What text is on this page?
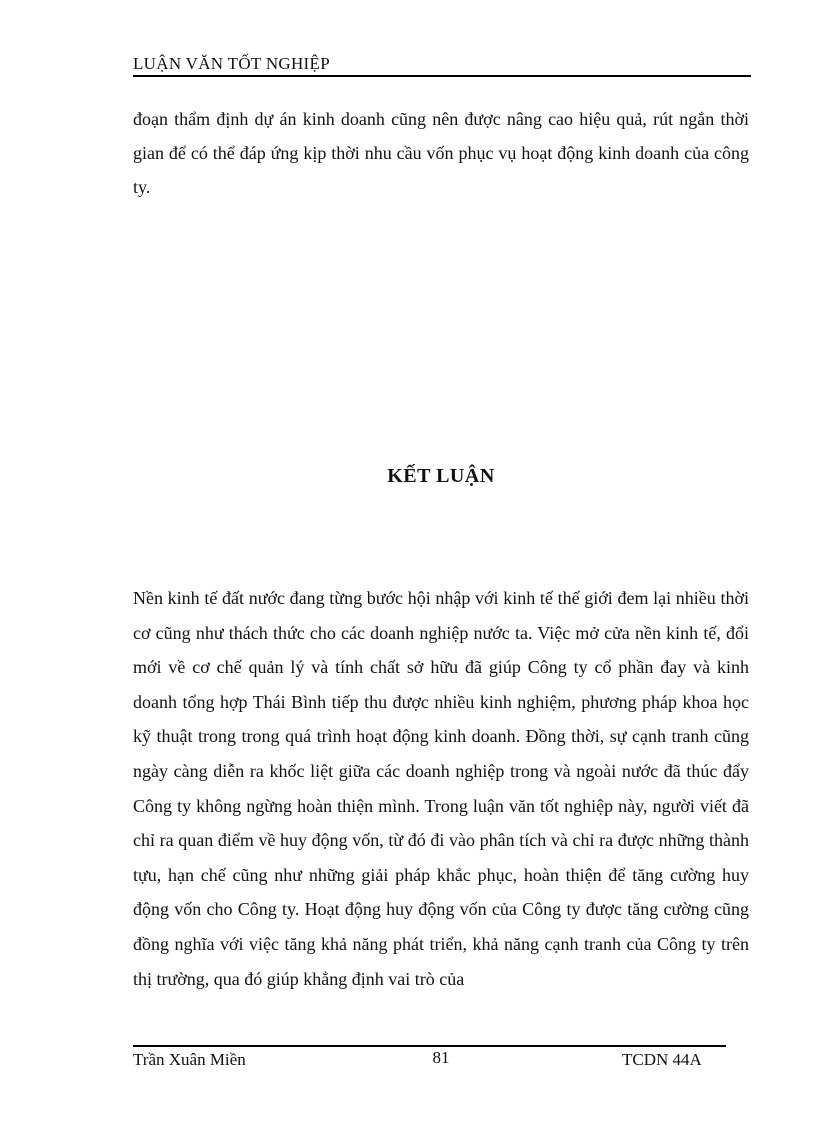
LUẬN VĂN TỐT NGHIỆP

đoạn thẩm định dự án kinh doanh cũng nên được nâng cao hiệu quả, rút ngắn thời gian để có thể đáp ứng kịp thời nhu cầu vốn phục vụ hoạt động kinh doanh của công ty.

KẾT LUẬN

Nền kinh tế đất nước đang từng bước hội nhập với kinh tế thế giới đem lại nhiều thời cơ cũng như thách thức cho các doanh nghiệp nước ta. Việc mở cửa nền kinh tế, đổi mới về cơ chế quản lý và tính chất sở hữu đã giúp Công ty cổ phần đay và kinh doanh tổng hợp Thái Bình tiếp thu được nhiều kinh nghiệm, phương pháp khoa học kỹ thuật trong trong quá trình hoạt động kinh doanh. Đồng thời, sự cạnh tranh cũng ngày càng diễn ra khốc liệt giữa các doanh nghiệp trong và ngoài nước đã thúc đẩy Công ty không ngừng hoàn thiện mình. Trong luận văn tốt nghiệp này, người viết đã chỉ ra quan điểm về huy động vốn, từ đó đi vào phân tích và chỉ ra được những thành tựu, hạn chế cũng như những giải pháp khắc phục, hoàn thiện để tăng cường huy động vốn cho Công ty. Hoạt động huy động vốn của Công ty được tăng cường cũng đồng nghĩa với việc tăng khả năng phát triển, khả năng cạnh tranh của Công ty trên thị trường, qua đó giúp khẳng định vai trò của

Trần Xuân Miền	81	TCDN 44A
